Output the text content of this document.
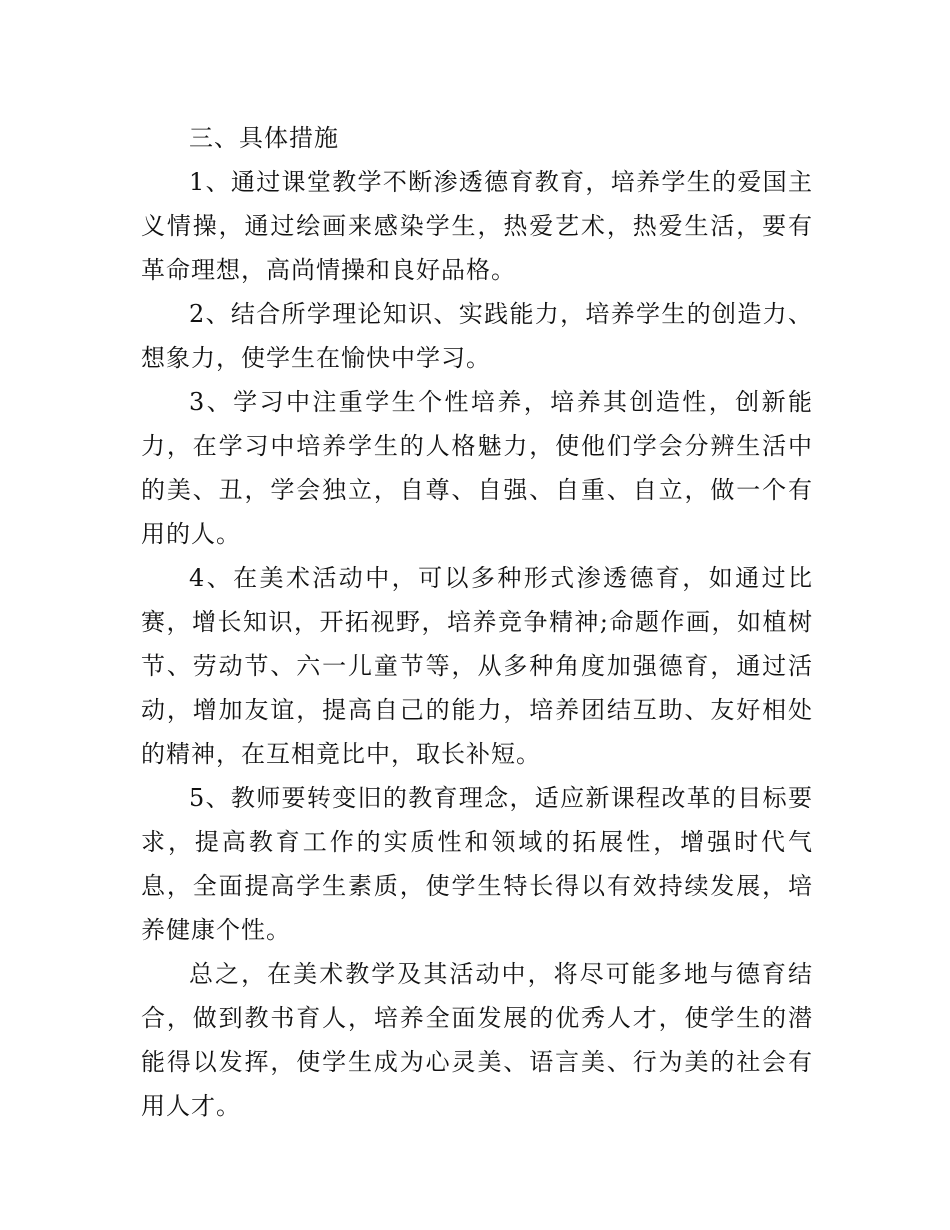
三、具体措施

1、通过课堂教学不断渗透德育教育，培养学生的爱国主义情操，通过绘画来感染学生，热爱艺术，热爱生活，要有革命理想，高尚情操和良好品格。

2、结合所学理论知识、实践能力，培养学生的创造力、想象力，使学生在愉快中学习。

3、学习中注重学生个性培养，培养其创造性，创新能力，在学习中培养学生的人格魅力，使他们学会分辨生活中的美、丑，学会独立，自尊、自强、自重、自立，做一个有用的人。

4、在美术活动中，可以多种形式渗透德育，如通过比赛，增长知识，开拓视野，培养竞争精神;命题作画，如植树节、劳动节、六一儿童节等，从多种角度加强德育，通过活动，增加友谊，提高自己的能力，培养团结互助、友好相处的精神，在互相竟比中，取长补短。

5、教师要转变旧的教育理念，适应新课程改革的目标要求，提高教育工作的实质性和领域的拓展性，增强时代气息，全面提高学生素质，使学生特长得以有效持续发展，培养健康个性。

总之，在美术教学及其活动中，将尽可能多地与德育结合，做到教书育人，培养全面发展的优秀人才，使学生的潜能得以发挥，使学生成为心灵美、语言美、行为美的社会有用人才。
